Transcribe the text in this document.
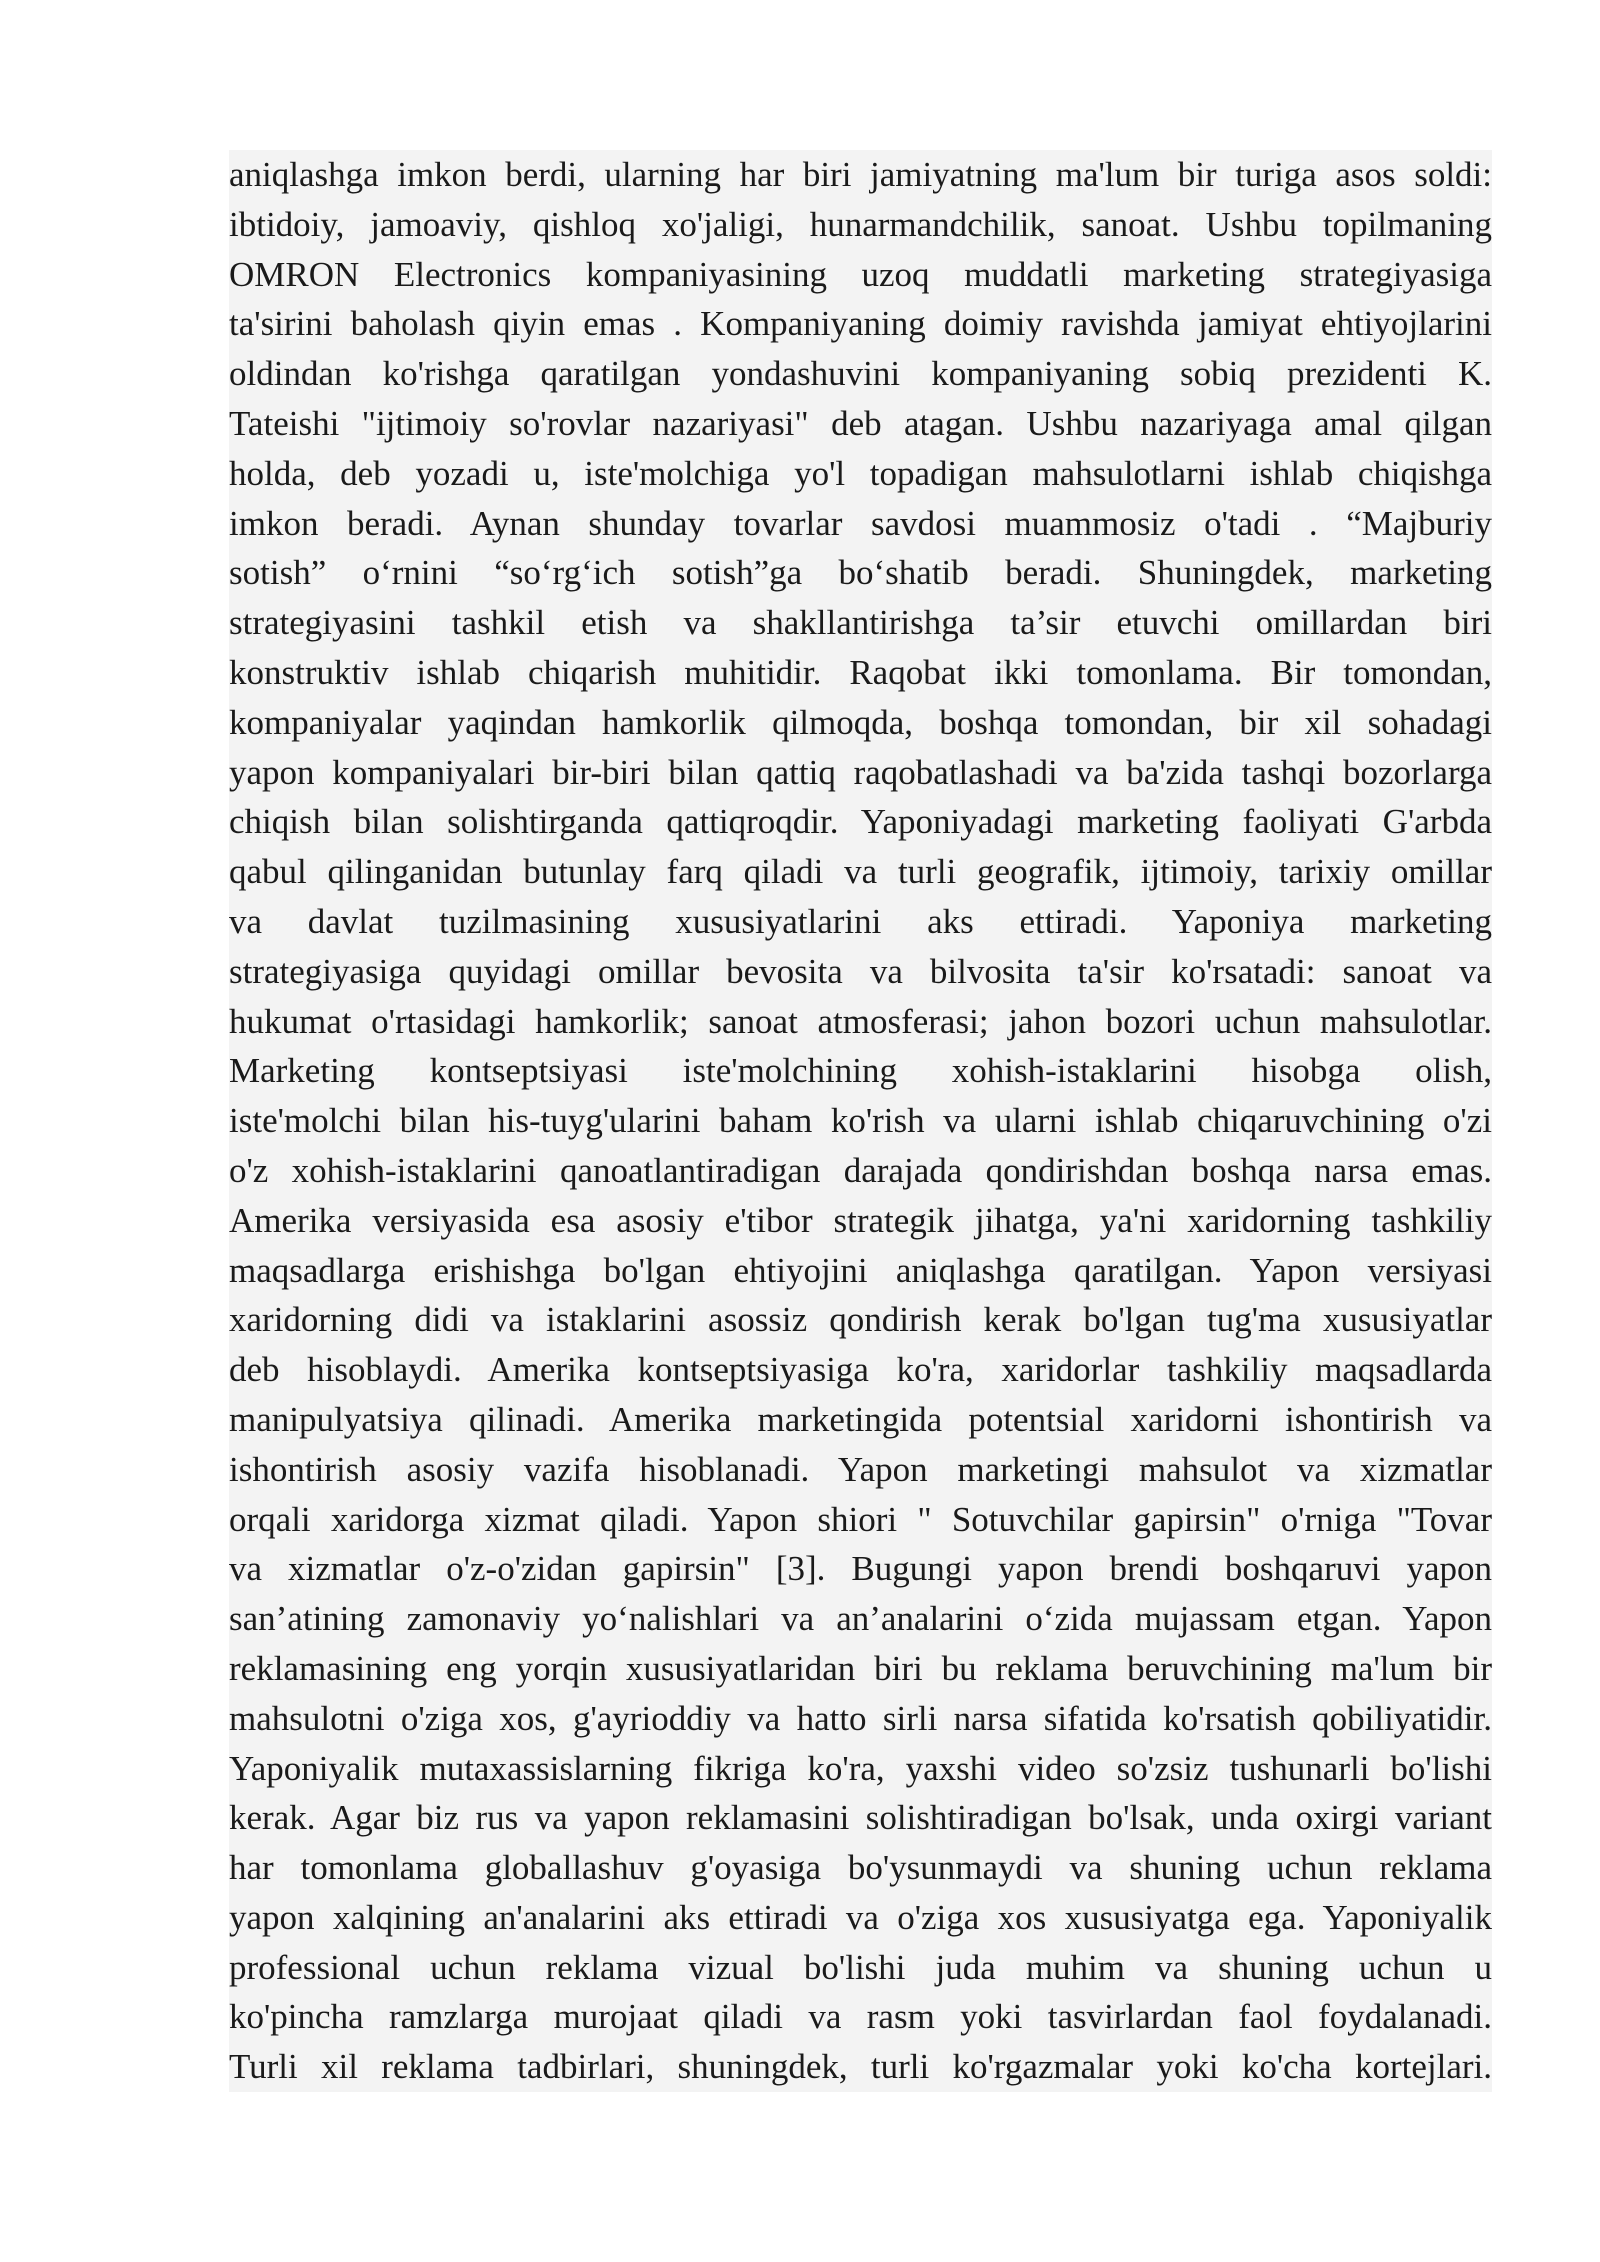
aniqlashga imkon berdi, ularning har biri jamiyatning ma'lum bir turiga asos soldi:
ibtidoiy, jamoaviy, qishloq xo'jaligi, hunarmandchilik, sanoat. Ushbu topilmaning
OMRON Electronics kompaniyasining uzoq muddatli marketing strategiyasiga
ta'sirini baholash qiyin emas . Kompaniyaning doimiy ravishda jamiyat ehtiyojlarini
oldindan ko'rishga qaratilgan yondashuvini kompaniyaning sobiq prezidenti K.
Tateishi "ijtimoiy so'rovlar nazariyasi" deb atagan. Ushbu nazariyaga amal qilgan
holda, deb yozadi u, iste'molchiga yo'l topadigan mahsulotlarni ishlab chiqishga
imkon beradi. Aynan shunday tovarlar savdosi muammosiz o'tadi . “Majburiy
sotish” o‘rnini “so‘rg‘ich sotish”ga bo‘shatib beradi. Shuningdek, marketing
strategiyasini tashkil etish va shakllantirishga ta’sir etuvchi omillardan biri
konstruktiv ishlab chiqarish muhitidir. Raqobat ikki tomonlama. Bir tomondan,
kompaniyalar yaqindan hamkorlik qilmoqda, boshqa tomondan, bir xil sohadagi
yapon kompaniyalari bir-biri bilan qattiq raqobatlashadi va ba'zida tashqi bozorlarga
chiqish bilan solishtirganda qattiqroqdir. Yaponiyadagi marketing faoliyati G'arbda
qabul qilinganidan butunlay farq qiladi va turli geografik, ijtimoiy, tarixiy omillar
va davlat tuzilmasining xususiyatlarini aks ettiradi. Yaponiya marketing
strategiyasiga quyidagi omillar bevosita va bilvosita ta'sir ko'rsatadi: sanoat va
hukumat o'rtasidagi hamkorlik; sanoat atmosferasi; jahon bozori uchun mahsulotlar.
Marketing kontseptsiyasi iste'molchining xohish-istaklarini hisobga olish,
iste'molchi bilan his-tuyg'ularini baham ko'rish va ularni ishlab chiqaruvchining o'zi
o'z xohish-istaklarini qanoatlantiradigan darajada qondirishdan boshqa narsa emas.
Amerika versiyasida esa asosiy e'tibor strategik jihatga, ya'ni xaridorning tashkiliy
maqsadlarga erishishga bo'lgan ehtiyojini aniqlashga qaratilgan. Yapon versiyasi
xaridorning didi va istaklarini asossiz qondirish kerak bo'lgan tug'ma xususiyatlar
deb hisoblaydi. Amerika kontseptsiyasiga ko'ra, xaridorlar tashkiliy maqsadlarda
manipulyatsiya qilinadi. Amerika marketingida potentsial xaridorni ishontirish va
ishontirish asosiy vazifa hisoblanadi. Yapon marketingi mahsulot va xizmatlar
orqali xaridorga xizmat qiladi. Yapon shiori " Sotuvchilar gapirsin" o'rniga "Tovar
va xizmatlar o'z-o'zidan gapirsin" [3]. Bugungi yapon brendi boshqaruvi yapon
san’atining zamonaviy yo‘nalishlari va an’analarini o‘zida mujassam etgan. Yapon
reklamasining eng yorqin xususiyatlaridan biri bu reklama beruvchining ma'lum bir
mahsulotni o'ziga xos, g'ayrioddiy va hatto sirli narsa sifatida ko'rsatish qobiliyatidir.
Yaponiyalik mutaxassislarning fikriga ko'ra, yaxshi video so'zsiz tushunarli bo'lishi
kerak. Agar biz rus va yapon reklamasini solishtiradigan bo'lsak, unda oxirgi variant
har tomonlama globallashuv g'oyasiga bo'ysunmaydi va shuning uchun reklama
yapon xalqining an'analarini aks ettiradi va o'ziga xos xususiyatga ega. Yaponiyalik
professional uchun reklama vizual bo'lishi juda muhim va shuning uchun u
ko'pincha ramzlarga murojaat qiladi va rasm yoki tasvirlardan faol foydalanadi.
Turli xil reklama tadbirlari, shuningdek, turli ko'rgazmalar yoki ko'cha kortejlari.
